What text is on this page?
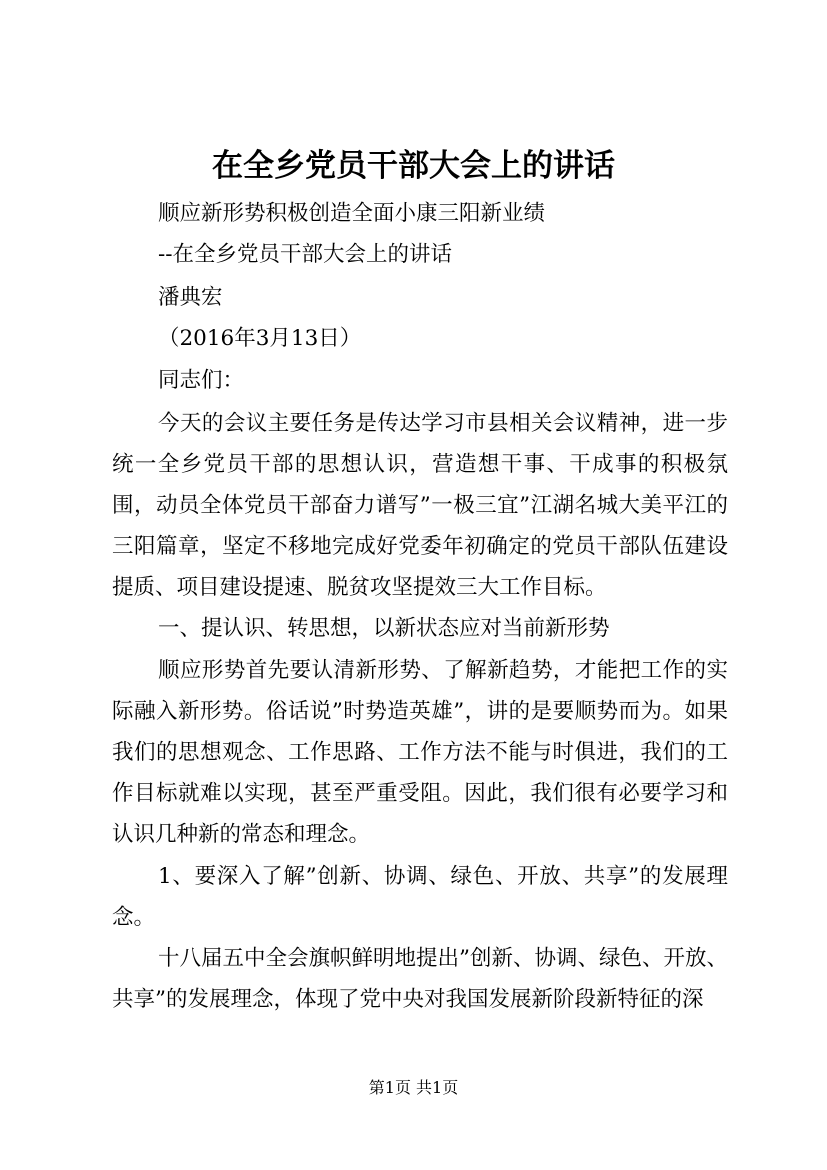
在全乡党员干部大会上的讲话
顺应新形势积极创造全面小康三阳新业绩
--在全乡党员干部大会上的讲话
潘典宏
（2016年3月13日）
同志们：
今天的会议主要任务是传达学习市县相关会议精神，进一步统一全乡党员干部的思想认识，营造想干事、干成事的积极氛围，动员全体党员干部奋力谱写”一极三宜”江湖名城大美平江的三阳篇章，坚定不移地完成好党委年初确定的党员干部队伍建设提质、项目建设提速、脱贫攻坚提效三大工作目标。
一、提认识、转思想，以新状态应对当前新形势
顺应形势首先要认清新形势、了解新趋势，才能把工作的实际融入新形势。俗话说”时势造英雄”，讲的是要顺势而为。如果我们的思想观念、工作思路、工作方法不能与时俱进，我们的工作目标就难以实现，甚至严重受阻。因此，我们很有必要学习和认识几种新的常态和理念。
1、要深入了解”创新、协调、绿色、开放、共享”的发展理念。
十八届五中全会旗帜鲜明地提出”创新、协调、绿色、开放、共享”的发展理念，体现了党中央对我国发展新阶段新特征的深
第1页 共1页
